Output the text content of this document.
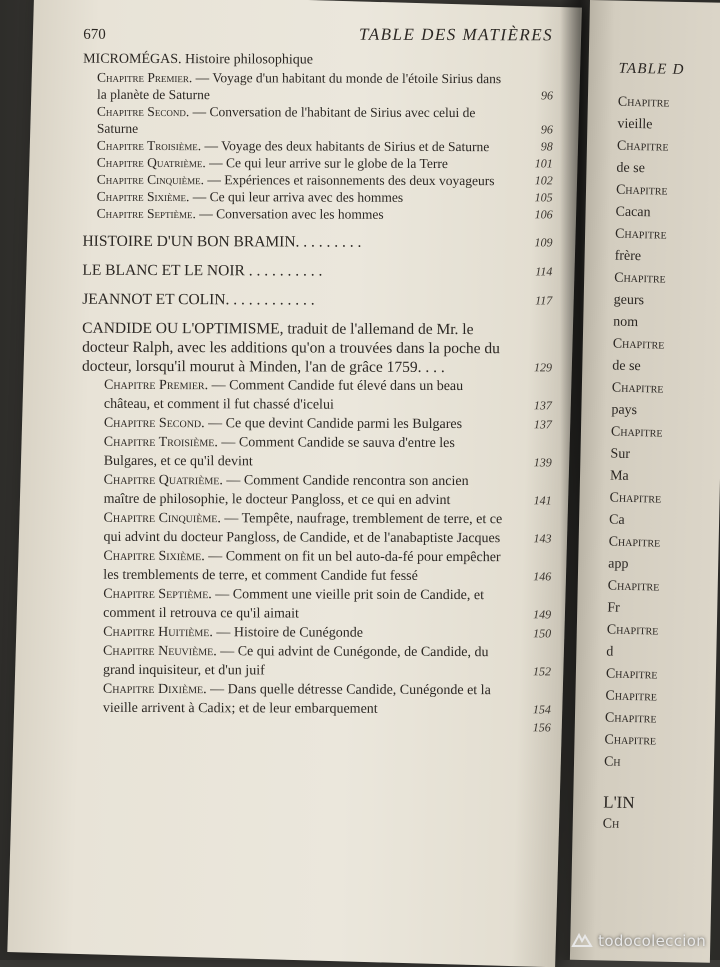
670	TABLE DES MATIÈRES
MICROMÉGAS. Histoire philosophique
Chapitre Premier. — Voyage d'un habitant du monde de l'étoile Sirius dans la planète de Saturne	96
Chapitre Second. — Conversation de l'habitant de Sirius avec celui de Saturne	96
Chapitre Troisième. — Voyage des deux habitants de Sirius et de Saturne	98
Chapitre Quatrième. — Ce qui leur arrive sur le globe de la Terre	101
Chapitre Cinquième. — Expériences et raisonnements des deux voyageurs	102
Chapitre Sixième. — Ce qui leur arriva avec des hommes	105
Chapitre Septième. — Conversation avec les hommes	106
HISTOIRE D'UN BON BRAMIN. . . . . . . . .	109
LE BLANC ET LE NOIR . . . . . . . . . .	114
JEANNOT ET COLIN. . . . . . . . . . . .	117
CANDIDE OU L'OPTIMISME, traduit de l'allemand de Mr. le docteur Ralph, avec les additions qu'on a trouvées dans la poche du docteur, lorsqu'il mourut à Minden, l'an de grâce 1759. . . .	129
Chapitre Premier. — Comment Candide fut élevé dans un beau château, et comment il fut chassé d'icelui	137
Chapitre Second. — Ce que devint Candide parmi les Bulgares	137
Chapitre Troisième. — Comment Candide se sauva d'entre les Bulgares, et ce qu'il devint	139
Chapitre Quatrième. — Comment Candide rencontra son ancien maître de philosophie, le docteur Pangloss, et ce qui en advint	141
Chapitre Cinquième. — Tempête, naufrage, tremblement de terre, et ce qui advint du docteur Pangloss, de Candide, et de l'anabaptiste Jacques	143
Chapitre Sixième. — Comment on fit un bel auto-da-fé pour empêcher les tremblements de terre, et comment Candide fut fessé	146
Chapitre Septième. — Comment une vieille prit soin de Candide, et comment il retrouva ce qu'il aimait	149
Chapitre Huitième. — Histoire de Cunégonde	150
Chapitre Neuvième. — Ce qui advint de Cunégonde, de Candide, du grand inquisiteur, et d'un juif	152
Chapitre Dixième. — Dans quelle détresse Candide, Cunégonde et la vieille arrivent à Cadix; et de leur embarquement	154
156
TABLE D
Chapitre
vieille
Chapitre
de se
Chapitre
Cacan
Chapitre
frère
Chapitre
geurs
nom
Chapitre
de se
Chapitre
pays
Chapitre
Sur
Ma
Chapitre
Ca
Chapitre
app
Chapitre
Fr
Chapitre
d
Chapitre
Chapitre
Chapitre
Chapitre
Ch
L'IN
Ch
todocoleccion
